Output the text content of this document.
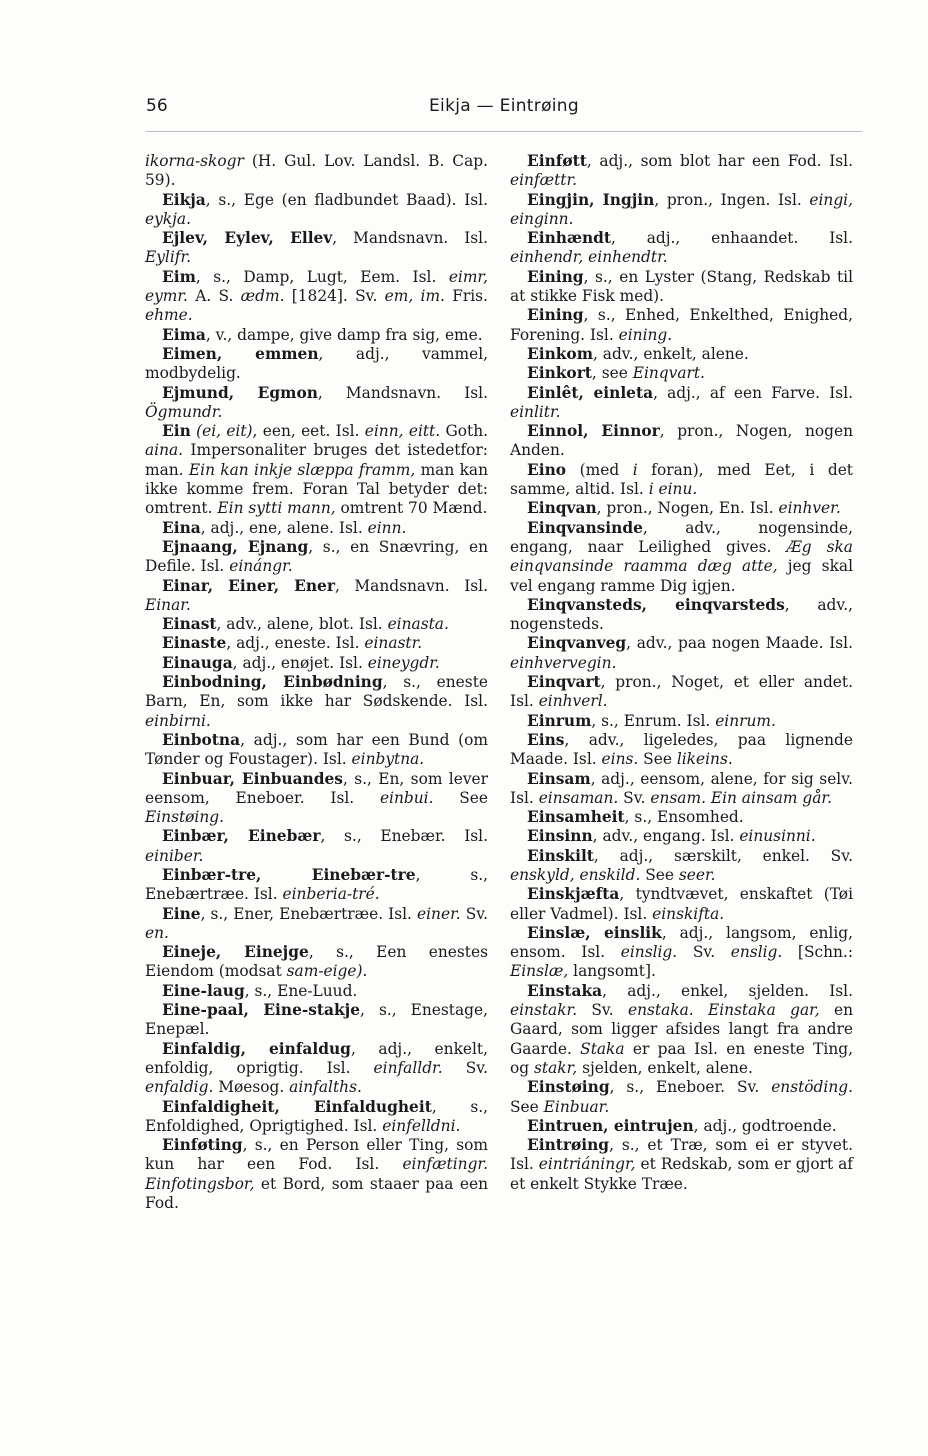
56	Eikja — Eintrøing

ikorna-skogr (H. Gul. Lov. Landsl. B. Cap. 59).

Eikja, s., Ege (en fladbundet Baad). Isl. eykja.

Ejlev, Eylev, Ellev, Mandsnavn. Isl. Eylifr.

Eim, s., Damp, Lugt, Eem. Isl. eimr, eymr. A. S. ædm. [1824]. Sv. em, im. Fris. ehme.

Eima, v., dampe, give damp fra sig, eme.

Eimen, emmen, adj., vammel, modbydelig.

Ejmund, Egmon, Mandsnavn. Isl. Ögmundr.

Ein (ei, eit), een, eet. Isl. einn, eitt. Goth. aina. Impersonaliter bruges det istedetfor: man. Ein kan inkje slæppa framm, man kan ikke komme frem. Foran Tal betyder det: omtrent. Ein sytti mann, omtrent 70 Mænd.

Eina, adj., ene, alene. Isl. einn.

Ejnaang, Ejnang, s., en Snævring, en Defile. Isl. einángr.

Einar, Einer, Ener, Mandsnavn. Isl. Einar.

Einast, adv., alene, blot. Isl. einasta.

Einaste, adj., eneste. Isl. einastr.

Einauga, adj., enøjet. Isl. eineygdr.

Einbodning, Einbødning, s., eneste Barn, En, som ikke har Sødskende. Isl. einbirni.

Einbotna, adj., som har een Bund (om Tønder og Foustager). Isl. einbytna.

Einbuar, Einbuandes, s., En, som lever eensom, Eneboer. Isl. einbui. See Einstøing.

Einbær, Einebær, s., Enebær. Isl. einiber.

Einbær-tre, Einebær-tre, s., Enebærtræe. Isl. einberia-tré.

Eine, s., Ener, Enebærtræe. Isl. einer. Sv. en.

Eineje, Einejge, s., Een enestes Eiendom (modsat sam-eige).

Eine-laug, s., Ene-Luud.

Eine-paal, Eine-stakje, s., Enestage, Enepæl.

Einfaldig, einfaldug, adj., enkelt, enfoldig, oprigtig. Isl. einfalldr. Sv. enfaldig. Møesog. ainfalths.

Einfaldigheit, Einfaldugheit, s., Enfoldighed, Oprigtighed. Isl. einfelldni.

Einføting, s., en Person eller Ting, som kun har een Fod. Isl. einfætingr. Einfotingsbor, et Bord, som staaer paa een Fod.

Einføtt, adj., som blot har een Fod. Isl. einfættr.

Eingjin, Ingjin, pron., Ingen. Isl. eingi, einginn.

Einhændt, adj., enhaandet. Isl. einhendr, einhendtr.

Eining, s., en Lyster (Stang, Redskab til at stikke Fisk med).

Eining, s., Enhed, Enkelthed, Enighed, Forening. Isl. eining.

Einkom, adv., enkelt, alene.

Einkort, see Einqvart.

Einlêt, einleta, adj., af een Farve. Isl. einlitr.

Einnol, Einnor, pron., Nogen, nogen Anden.

Eino (med i foran), med Eet, i det samme, altid. Isl. i einu.

Einqvan, pron., Nogen, En. Isl. einhver.

Einqvansinde, adv., nogensinde, engang, naar Leilighed gives. Æg ska einqvansinde raamma dæg atte, jeg skal vel engang ramme Dig igjen.

Einqvansteds, einqvarsteds, adv., nogensteds.

Einqvanveg, adv., paa nogen Maade. Isl. einhvervegin.

Einqvart, pron., Noget, et eller andet. Isl. einhverl.

Einrum, s., Enrum. Isl. einrum.

Eins, adv., ligeledes, paa lignende Maade. Isl. eins. See likeins.

Einsam, adj., eensom, alene, for sig selv. Isl. einsaman. Sv. ensam. Ein ainsam går.

Einsamheit, s., Ensomhed.

Einsinn, adv., engang. Isl. einusinni.

Einskilt, adj., særskilt, enkel. Sv. enskyld, enskild. See seer.

Einskjæfta, tyndtvævet, enskaftet (Tøi eller Vadmel). Isl. einskifta.

Einslæ, einslik, adj., langsom, enlig, ensom. Isl. einslig. Sv. enslig. [Schn.: Einslæ, langsomt].

Einstaka, adj., enkel, sjelden. Isl. einstakr. Sv. enstaka. Einstaka gar, en Gaard, som ligger afsides langt fra andre Gaarde. Staka er paa Isl. en eneste Ting, og stakr, sjelden, enkelt, alene.

Einstøing, s., Eneboer. Sv. enstöding. See Einbuar.

Eintruen, eintrujen, adj., godtroende.

Eintrøing, s., et Træ, som ei er styvet. Isl. eintriáningr, et Redskab, som er gjort af et enkelt Stykke Træe.
